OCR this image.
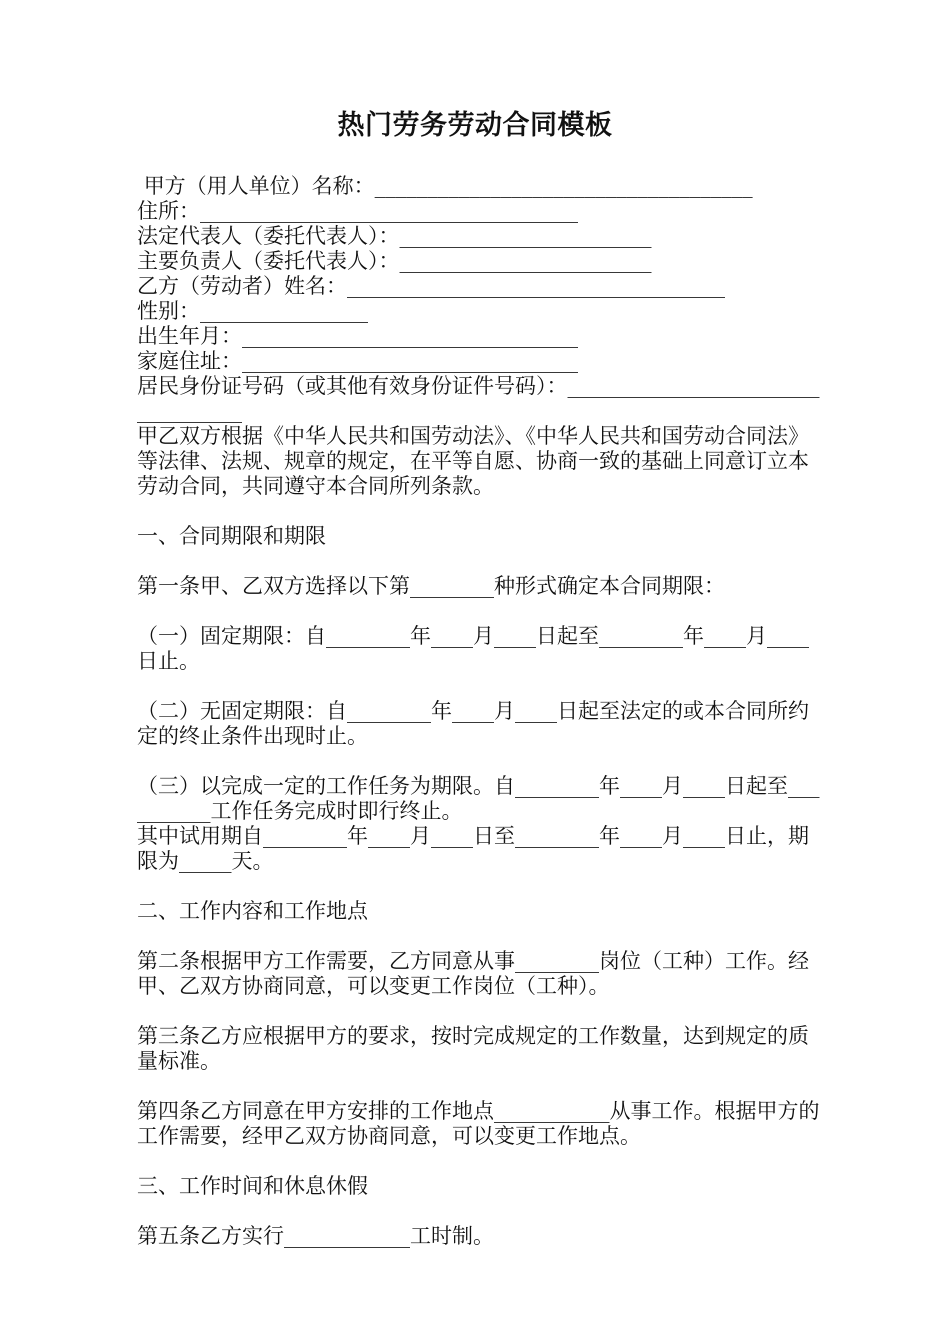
热门劳务劳动合同模板

甲方（用人单位）名称：____________________________________

住所：____________________________________

法定代表人（委托代表人）：________________________

主要负责人（委托代表人）：________________________

乙方（劳动者）姓名：____________________________________

性别：________________

出生年月：________________________________

家庭住址：________________________________

居民身份证号码（或其他有效身份证件号码）：__________________________________

甲乙双方根据《中华人民共和国劳动法》、《中华人民共和国劳动合同法》等法律、法规、规章的规定，在平等自愿、协商一致的基础上同意订立本劳动合同，共同遵守本合同所列条款。

一、合同期限和期限

第一条甲、乙双方选择以下第________种形式确定本合同期限：

（一）固定期限：自________年____月____日起至________年____月____日止。

（二）无固定期限：自________年____月____日起至法定的或本合同所约定的终止条件出现时止。

（三）以完成一定的工作任务为期限。自________年____月____日起至__________工作任务完成时即行终止。

其中试用期自________年____月____日至________年____月____日止，期限为_____天。

二、工作内容和工作地点

第二条根据甲方工作需要，乙方同意从事________岗位（工种）工作。经甲、乙双方协商同意，可以变更工作岗位（工种）。

第三条乙方应根据甲方的要求，按时完成规定的工作数量，达到规定的质量标准。

第四条乙方同意在甲方安排的工作地点___________从事工作。根据甲方的工作需要，经甲乙双方协商同意，可以变更工作地点。

三、工作时间和休息休假

第五条乙方实行____________工时制。
